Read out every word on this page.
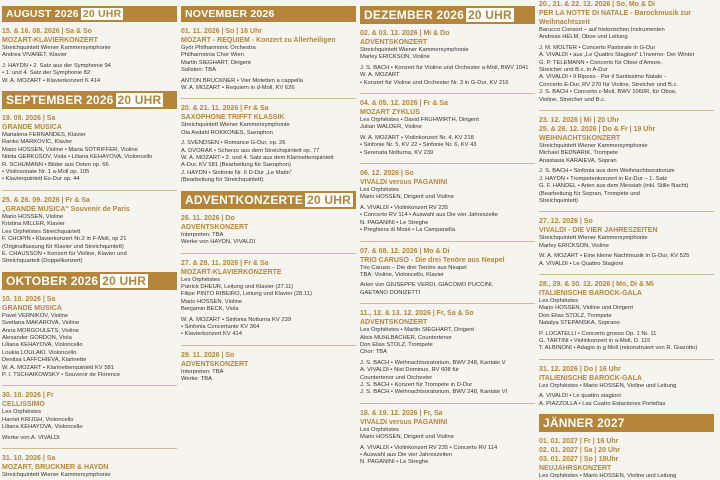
AUGUST 2026 20 UHR
15. & 16. 08. 2026 | Sa & So
MOZART-KLAVIERKONZERT
Streichquintett Wiener Kammersymphonie
Andrea VIVANET, Klavier
J. HAYDN • 2. Satz aus der Symphonie 94
• 1. und 4. Satz der Symphonie 82
W. A. MOZART • Klavierkonzert K 414
SEPTEMBER 2026 20 UHR
19. 09. 2026 | Sa
GRANDE MUSICA
Marialena FERNANDES, Klavier
Ranko MARKOVIC, Klavier
Mario HOSSEN, Violine • Maria SOTRIFFER, Violine
Nikita GERKUSOV, Viola • Liliana KEHAYOVA, Violoncello
R. SCHUMANN • Bilder aus Osten op. 66
• Violinsonate Nr. 1 a-Moll op. 105
• Klavierquintett Es-Dur op. 44
25. & 26. 09. 2026 | Fr & Sa
„GRANDE MUSICA" Souvenir de Paris
Mario HOSSEN, Violine
Kristina MILLER, Klavier
Les Orphéistes Streichquartett
F. CHOPIN • Klavierkonzert Nr.2 in F-Moll, op 21
(Originalfassung für Klavier und Streichquintett)
E. CHAUSSON • Konzert für Violine, Klavier und
Streichquartett (Doppelkonzert)
OKTOBER 2026 20 UHR
10. 10. 2026 | Sa
GRANDE MUSICA
Pavel VERNIKOV, Violine
Svetlana MAKAROVA, Violine
Anna MORGOULETS, Violine
Alexander GORDON, Viola
Liliana KEHAYOVA, Violoncello
Loukia LOULAKI, Violoncello
Denitsa LAFFCHIEVA, Klarinette
W. A. MOZART • Klarinettenquintett KV 581
P. I. TSCHAIKOWSKY • Souvenir de Florence
30. 10. 2026 | Fr
CELLISSIMO
Les Orphéistes
Harriet KRIJGH, Violoncello
Liliana KEHAYOVA, Violoncello
Werke von A. VIVALDI
31. 10. 2026 | Sa
MOZART, BRUCKNER & HAYDN
Streichquintett Wiener Kammersymphonie
NOVEMBER 2026
01. 11. 2026 | So | 16 Uhr
MOZART - REQUIEM - Konzert zu Allerheiligen
Györ Philharmonic Orchestra
Philharmonia Chor Wien
Martin SIEGHART, Dirigent
Solisten: TBA
ANTON BRUCKNER • Vier Motetten a cappella
W. A. MOZART • Requiem in d-Moll, KV 626
20. & 21. 11. 2026 | Fr & Sa
SAXOPHONE TRIFFT KLASSIK
Streichquintett Wiener Kammersymphonie
Ola Asdahl ROKKONES, Saxophon
J. SVENDSEN • Romance G-Dur, op. 26
A. DVOŘÁK • Scherzo aus dem Streichquintett op. 77
W. A. MOZART • 2. und 4. Satz aus dem Klarinettenquintett
A-Dur, KV 581 (Bearbeitung für Saxophon)
J. HAYDN • Sinfonie Nr. 6 D-Dur „Le Matin"
(Bearbeitung für Streichquintett)
ADVENTKONZERTE 20 UHR
26. 11. 2026 | Do
ADVENTSKONZERT
Interpreten: TBA
Werke von HAYDN, VIVALDI
27. & 28. 11. 2026 | Fr & Sa
MOZART-KLAVIERKONZERTE
Les Orphéistes
Patrick DHEUR, Leitung und Klavier (27.11)
Filipe PINTO RIBEIRO, Leitung und Klavier (28.11)
Mario HOSSEN, Violine
Benjamin BECK, Viola
W. A. MOZART • Sinfonia Notturna KV 239
• Sinfonia Concertante KV 364
• Klavierkonzert KV 414
29. 11. 2026 | So
ADVENTSKONZERT
Interpreten: TBA
Werke: TBA
DEZEMBER 2026 20 UHR
02. & 03. 12. 2026 | Mi & Do
ADVENTSKONZERT
Streichquintett Wiener Kammersymphonie
Marley ERICKSON, Violine
J. S. BACH • Konzert für Violine und Orchester a-Moll, BWV 1041
W. A. MOZART
• Konzert für Violine und Orchester Nr. 3 in G-Dur, KV 216
04. & 05. 12. 2026 | Fr & Sa
MOZART ZYKLUS
Les Orphéistes • David FRÜHWIRTH, Dirigent
Julian WALDER, Violine
W. A. MOZART • Violinkonzert Nr. 4, KV 218
• Sinfonie Nr. 5, KV 22 • Sinfonie Nr. 6, KV 43
• Serenata Notturna, KV 239
06. 12. 2026 | So
VIVALDI versus PAGANINI
Les Orphéistes
Mario HOSSEN, Dirigent und Violine
A. VIVALDI • Violinkonzert RV 235
• Concerto RV 114 • Auswahl aus Die vier Jahreszeite
N. PAGANINI • Le Streghe
• Preghiera di Mosè • La Campanella
07. & 08. 12. 2026 | Mo & Di
TRIO CARUSO - Die drei Tenöre aus Neapel
Trio Caruso – Die drei Tenöre aus Neapel
TBA: Violine, Violoncello, Klavier
Arien von GIUSEPPE VERDI, GIACOMO PUCCINI,
GAETANO DONIZETTI
11., 12. & 13. 12. 2026 | Fr, Sa & So
ADVENTSKONZERT
Les Orphéistes • Martin SIEGHART, Dirigent
Alois MÜHLBACHER, Countertenor
Don Elias STOLZ, Trompete
Chor: TBA
J. S. BACH • Weihnachtsoratorium, BWV 248, Kantate V
A. VIVALDI • Nisi Dominus, RV 608 für
Countertenor und Orchester
J. S. BACH • Konzert für Trompete in D-Dur
J. S. BACH • Weihnachtsoratorium, BWV 248, Kantate VI
18. & 19. 12. 2026 | Fr, Sa
VIVALDI versus PAGANINI
Les Orphéistes
Mario HOSSEN, Dirigent und Violine
A. VIVALDI • Violinkonzert RV 235 • Concerto RV 114
• Auswahl aus Die vier Jahreszeiten
N. PAGANINI • Le Streghe
20., 21. & 22. 12. 2026 | So, Mo & Di
PER LA NOTTE DI NATALE - Barockmusik zur Weihnachtszeit
Barucco Consort – auf historischen Instrumenten
Andreas HELM, Oboe und Leitung
J. M. MOLTER • Concerto Pastorale in G-Dur
A. VIVALDI • aus „Le Quattro Stagioni" L'Inverno- Der Winter
G. P. TELEMANN • Concerto für Oboe d'Amore,
Streicher und B.c. in A-Dur
A. VIVALDI • Il Riposo - Per il Santissimo Natale -
Concerto E-Dur, RV 270 für Violine, Streicher und B.c.
J. S. BACH • Concerto c-Moll, BWV 1060R, für Oboe,
Violine, Streicher und B.c.
23. 12. 2026 | Mi | 20 Uhr
25. & 26. 12. 2026 | Do & Fr | 19 Uhr
WEIHNACHTSKONZERT
Streichquintett Wiener Kammersymphonie
Michael BEDNARIK, Trompete
Anastasia KARAIEVA, Sopran
J. S. BACH • Sinfonia aus dem Weihnachtsoratorium
J. HAYDN • Trompetenkonzert in Es-Dur – 1. Satz
G. F. HÄNDEL • Arien aus dem Messiah (inkl. Stille Nacht)
(Bearbeitung für Sopran, Trompete und
Streichquintett)
27. 12. 2026 | So
VIVALDI - DIE VIER JAHRESZEITEN
Streichquintett Wiener Kammersymphonie
Marley ERICKSON, Violine
W. A. MOZART • Eine kleine Nachtmusik in G-Dur, KV 525
A. VIVALDI • Le Quattro Stagioni
28., 29. & 30. 12. 2026 | Mo, Di & Mi
ITALIENISCHE BAROCK-GALA
Les Orphéistes
Mario HOSSEN, Violine und Dirigent
Don Elias STOLZ, Trompete
Natalya STEPANSKA, Soprano
P. LOCATELLI • Concerto grosso Op. 1 Nr. 11
G. TARTINI • Violinkonzert in a-Moll, D. 115
T. ALBINONI • Adagio in g Moll (rekonstruiert von R. Giazotto)
31. 12. 2026 | Do | 16 Uhr
ITALIENISCHE BAROCK-GALA
Les Orphéistes • Mario HOSSEN, Violine und Leitung
A. VIVALDI • Le quattro stagioni
A. PIAZZOLLA • Las Cuatro Estaciones Porteñas
JÄNNER 2027
01. 01. 2027 | Fr | 16 Uhr
02. 01. 2027 | Sa | 20 Uhr
03. 01. 2027 | So | 18Uhr
NEUJAHRSKONZERT
Les Orphéistes • Mario HOSSEN, Violine und Leitung
